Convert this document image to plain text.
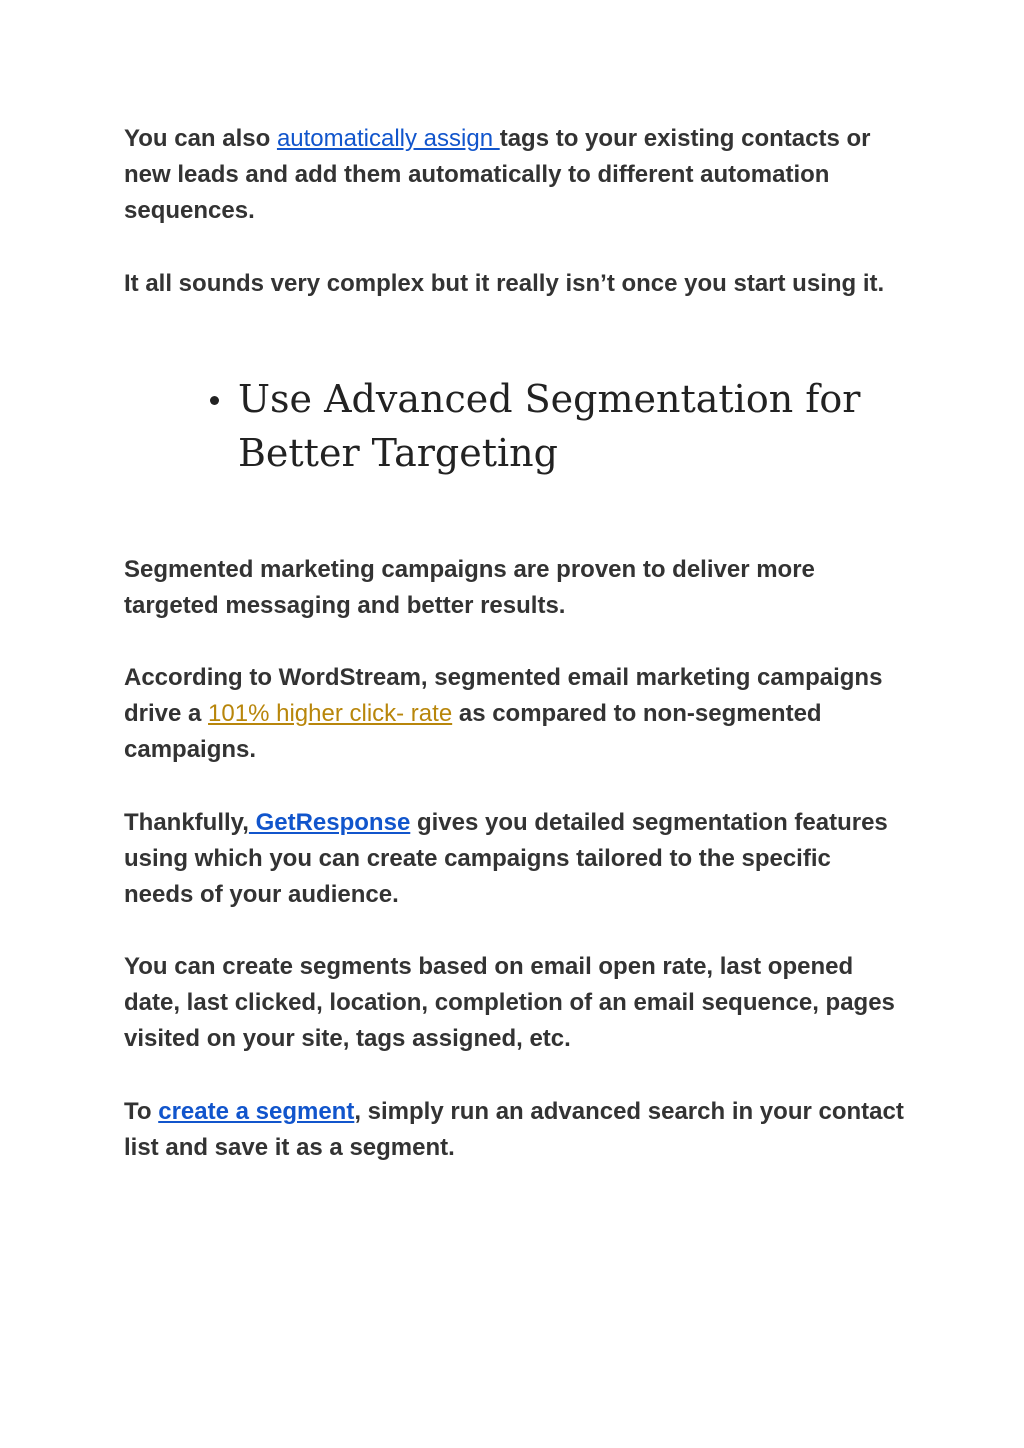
You can also automatically assign tags to your existing contacts or new leads and add them automatically to different automation sequences.

It all sounds very complex but it really isn’t once you start using it.

Use Advanced Segmentation for Better Targeting

Segmented marketing campaigns are proven to deliver more targeted messaging and better results.

According to WordStream, segmented email marketing campaigns drive a 101% higher click- rate as compared to non-segmented campaigns.

Thankfully, GetResponse gives you detailed segmentation features using which you can create campaigns tailored to the specific needs of your audience.

You can create segments based on email open rate, last opened date, last clicked, location, completion of an email sequence, pages visited on your site, tags assigned, etc.

To create a segment, simply run an advanced search in your contact list and save it as a segment.
